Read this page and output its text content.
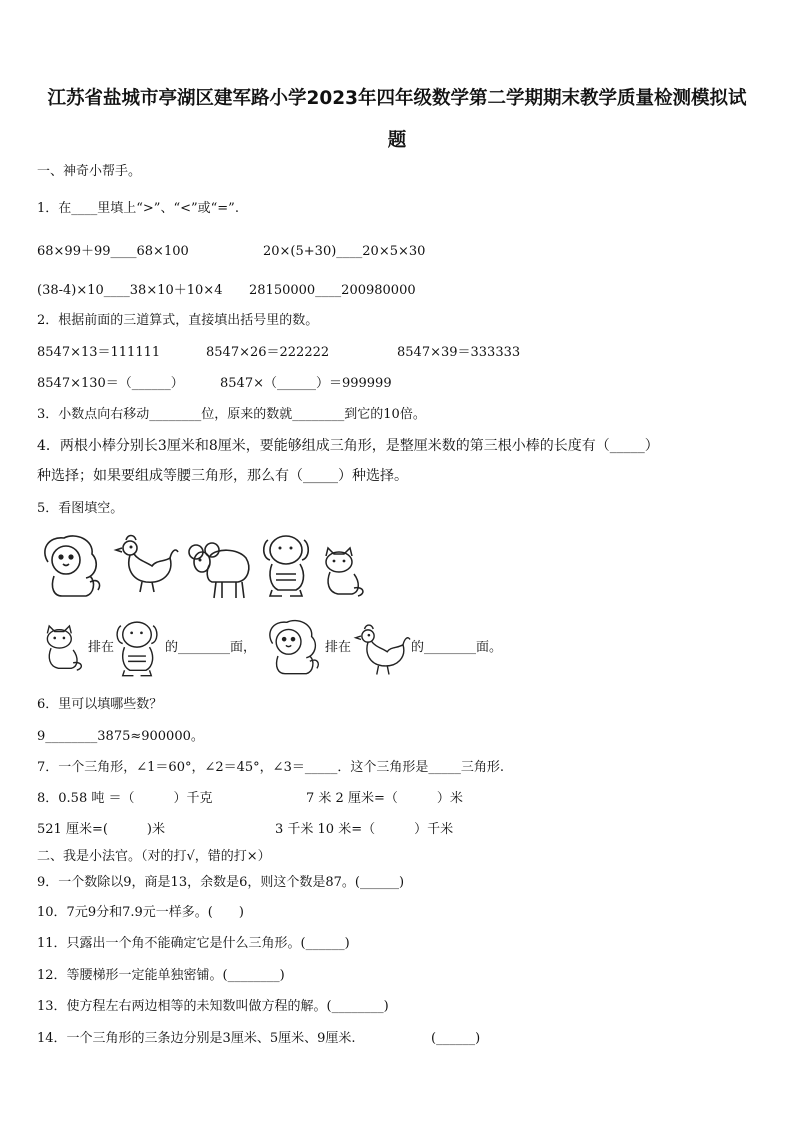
江苏省盐城市亭湖区建军路小学2023年四年级数学第二学期期末教学质量检测模拟试
题
一、神奇小帮手。
1．在____里填上“>”、“<”或“=”.
68×99＋99____68×100	20×(5+30)____20×5×30
(38-4)×10____38×10＋10×4 28150000____200980000
2．根据前面的三道算式，直接填出括号里的数。
8547×13＝111111	8547×26＝222222	8547×39＝333333
8547×130＝（______）	8547×（______）＝999999
3．小数点向右移动________位，原来的数就________到它的10倍。
4．两根小棒分别长3厘米和8厘米，要能够组成三角形，是整厘米数的第三根小棒的长度有（_____）
种选择；如果要组成等腰三角形，那么有（_____）种选择。
5．看图填空。
排在	的________面，	排在	的________面。
6．里可以填哪些数？
9________3875≈900000。
7．一个三角形，∠1＝60°，∠2＝45°，∠3＝_____．这个三角形是_____三角形.
8．0.58 吨 ＝（　　　）千克	7 米 2 厘米=（　　　）米
521 厘米=(　　　)米	3 千米 10 米=（　　　）千米
二、我是小法官。（对的打√，错的打×）
9．一个数除以9，商是13，余数是6，则这个数是87。(______)
10．7元9分和7.9元一样多。(　　)
11．只露出一个角不能确定它是什么三角形。(______)
12．等腰梯形一定能单独密铺。(________)
13．使方程左右两边相等的未知数叫做方程的解。(________)
14．一个三角形的三条边分别是3厘米、5厘米、9厘米.	(______)
